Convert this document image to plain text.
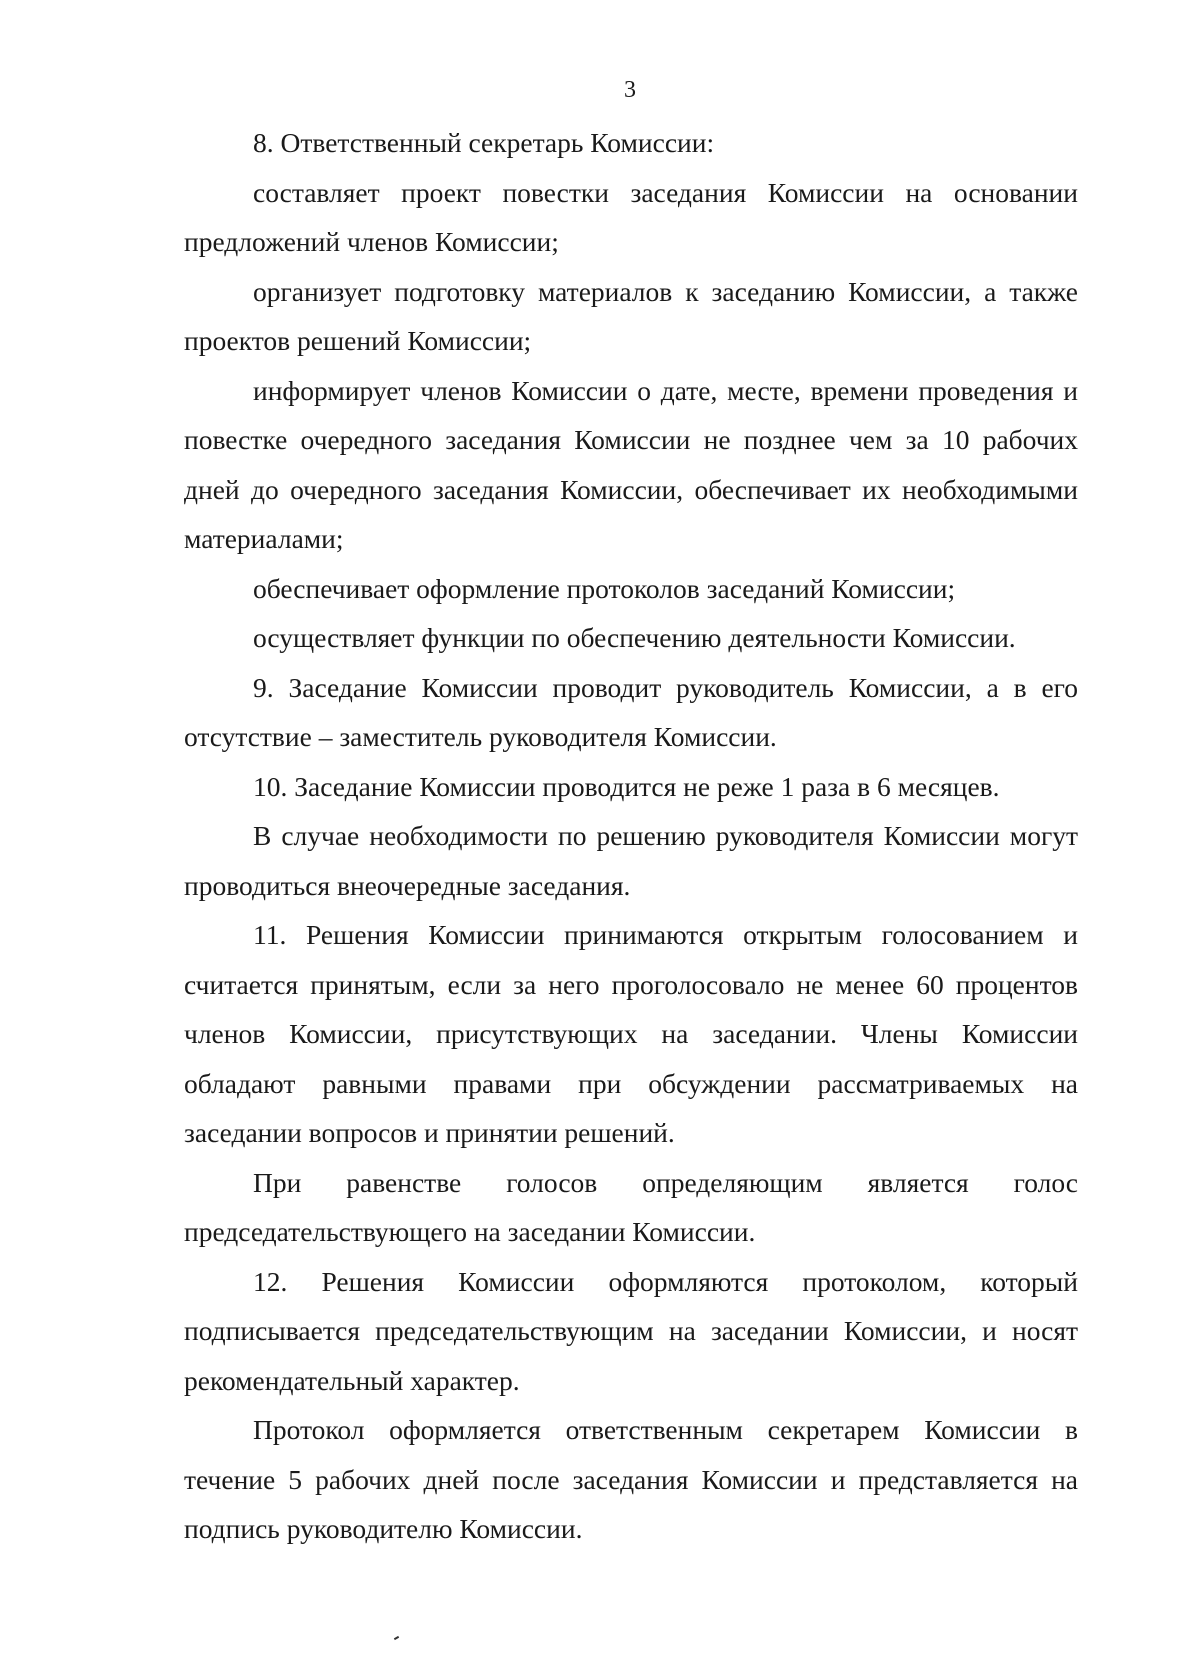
3

8. Ответственный секретарь Комиссии:

составляет проект повестки заседания Комиссии на основании предложений членов Комиссии;

организует подготовку материалов к заседанию Комиссии, а также проектов решений Комиссии;

информирует членов Комиссии о дате, месте, времени проведения и повестке очередного заседания Комиссии не позднее чем за 10 рабочих дней до очередного заседания Комиссии, обеспечивает их необходимыми материалами;

обеспечивает оформление протоколов заседаний Комиссии;

осуществляет функции по обеспечению деятельности Комиссии.

9. Заседание Комиссии проводит руководитель Комиссии, а в его отсутствие – заместитель руководителя Комиссии.

10. Заседание Комиссии проводится не реже 1 раза в 6 месяцев.

В случае необходимости по решению руководителя Комиссии могут проводиться внеочередные заседания.

11. Решения Комиссии принимаются открытым голосованием и считается принятым, если за него проголосовало не менее 60 процентов членов Комиссии, присутствующих на заседании. Члены Комиссии обладают равными правами при обсуждении рассматриваемых на заседании вопросов и принятии решений.

При равенстве голосов определяющим является голос председательствующего на заседании Комиссии.

12. Решения Комиссии оформляются протоколом, который подписывается председательствующим на заседании Комиссии, и носят рекомендательный характер.

Протокол оформляется ответственным секретарем Комиссии в течение 5 рабочих дней после заседания Комиссии и представляется на подпись руководителю Комиссии.
